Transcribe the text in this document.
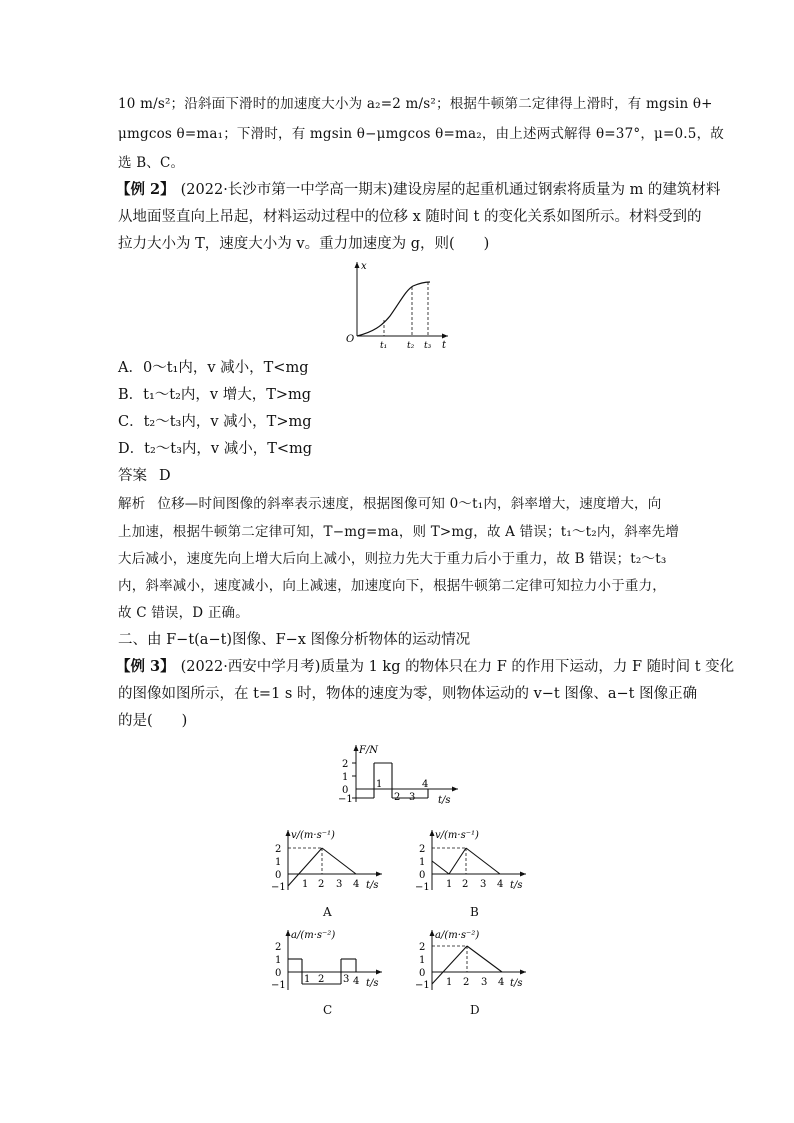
10 m/s²；沿斜面下滑时的加速度大小为 a₂=2 m/s²；根据牛顿第二定律得上滑时，有 mgsin θ+
μmgcos θ=ma₁；下滑时，有 mgsin θ−μmgcos θ=ma₂，由上述两式解得 θ=37°，μ=0.5，故
选 B、C。
【例 2】 (2022·长沙市第一中学高一期末)建设房屋的起重机通过钢索将质量为 m 的建筑材料
从地面竖直向上吊起，材料运动过程中的位移 x 随时间 t 的变化关系如图所示。材料受到的
拉力大小为 T，速度大小为 v。重力加速度为 g，则(　　)
x
t
O
t₁ t₂ t₃
A．0～t₁内，v 减小，T<mg
B．t₁～t₂内，v 增大，T>mg
C．t₂～t₃内，v 减小，T>mg
D．t₂～t₃内，v 减小，T<mg
答案 D
解析 位移—时间图像的斜率表示速度，根据图像可知 0～t₁内，斜率增大，速度增大，向
上加速，根据牛顿第二定律可知，T−mg=ma，则 T>mg，故 A 错误；t₁～t₂内，斜率先增
大后减小，速度先向上增大后向上减小，则拉力先大于重力后小于重力，故 B 错误；t₂～t₃
内，斜率减小，速度减小，向上减速，加速度向下，根据牛顿第二定律可知拉力小于重力，
故 C 错误，D 正确。
二、由 F−t(a−t)图像、F−x 图像分析物体的运动情况
【例 3】 (2022·西安中学月考)质量为 1 kg 的物体只在力 F 的作用下运动，力 F 随时间 t 变化
的图像如图所示，在 t=1 s 时，物体的速度为零，则物体运动的 v−t 图像、a−t 图像正确
的是(　　)
F/N
t/s
2
1
0
−1
1
2 3
4
v/(m·s⁻¹)
t/s
2
1
0
−1 1 2 3 4
A
v/(m·s⁻¹)
t/s
2
1
0
−1 1 2 3 4
B
a/(m·s⁻²)
t/s
2
1
0
−1
1 2 3 4
C
a/(m·s⁻²)
t/s
2
1
0
−1 1 2 3 4
D
